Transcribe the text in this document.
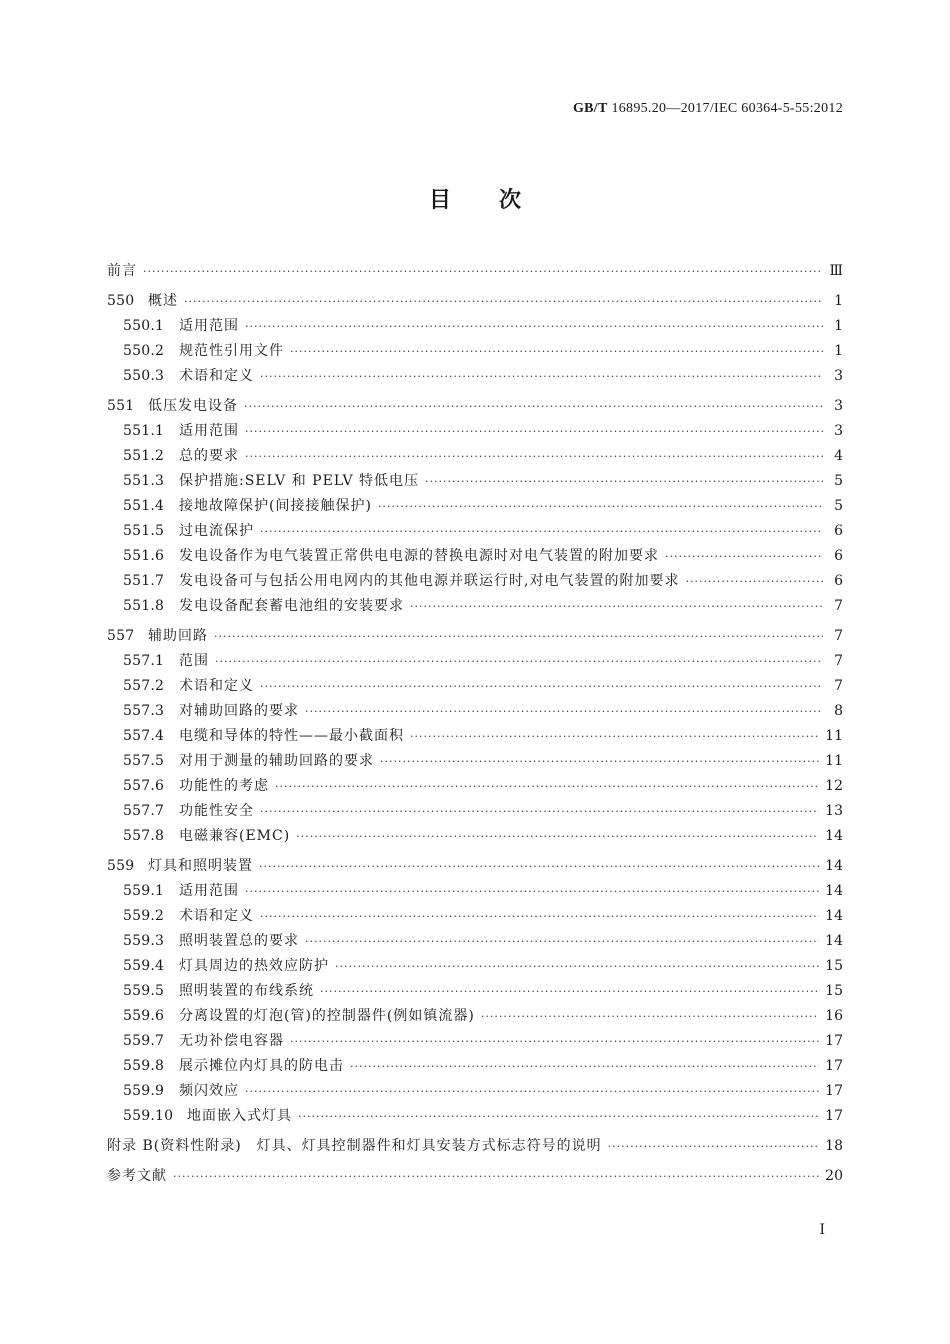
GB/T 16895.20—2017/IEC 60364-5-55:2012
目次
前言 ·····	Ⅲ
550 概述 ·····	1
550.1	适用范围 ·····	1
550.2	规范性引用文件 ·····	1
550.3	术语和定义 ·····	3
551 低压发电设备 ·····	3
551.1	适用范围 ·····	3
551.2	总的要求 ·····	4
551.3	保护措施:SELV 和 PELV 特低电压 ·····	5
551.4	接地故障保护(间接接触保护) ·····	5
551.5	过电流保护 ·····	6
551.6	发电设备作为电气装置正常供电电源的替换电源时对电气装置的附加要求 ·····	6
551.7	发电设备可与包括公用电网内的其他电源并联运行时,对电气装置的附加要求 ·····	6
551.8	发电设备配套蓄电池组的安装要求 ·····	7
557 辅助回路 ·····	7
557.1	范围 ·····	7
557.2	术语和定义 ·····	7
557.3	对辅助回路的要求 ·····	8
557.4	电缆和导体的特性——最小截面积 ·····	11
557.5	对用于测量的辅助回路的要求 ·····	11
557.6	功能性的考虑 ·····	12
557.7	功能性安全 ·····	13
557.8	电磁兼容(EMC) ·····	14
559 灯具和照明装置 ·····	14
559.1	适用范围 ·····	14
559.2	术语和定义 ·····	14
559.3	照明装置总的要求 ·····	14
559.4	灯具周边的热效应防护 ·····	15
559.5	照明装置的布线系统 ·····	15
559.6	分离设置的灯泡(管)的控制器件(例如镇流器) ·····	16
559.7	无功补偿电容器 ·····	17
559.8	展示摊位内灯具的防电击 ·····	17
559.9	频闪效应 ·····	17
559.10 地面嵌入式灯具 ·····	17
附录 B(资料性附录)　灯具、灯具控制器件和灯具安装方式标志符号的说明 ·····	18
参考文献 ·····	20
I
